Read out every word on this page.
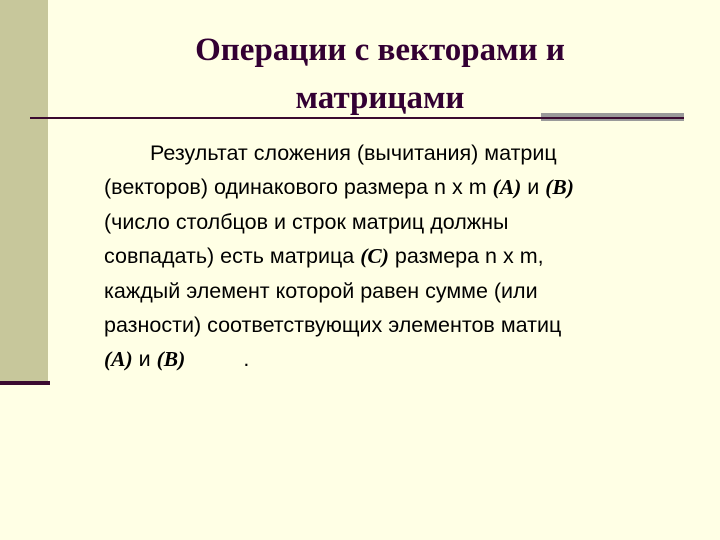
Операции с векторами и
матрицами

Результат сложения (вычитания) матриц
(векторов) одинакового размера n x m (A) и (B)
(число столбцов и строк матриц должны
совпадать) есть матрица (C) размера n x m,
каждый элемент которой равен сумме (или
разности) соответствующих элементов матиц
(A) и (B)	.
